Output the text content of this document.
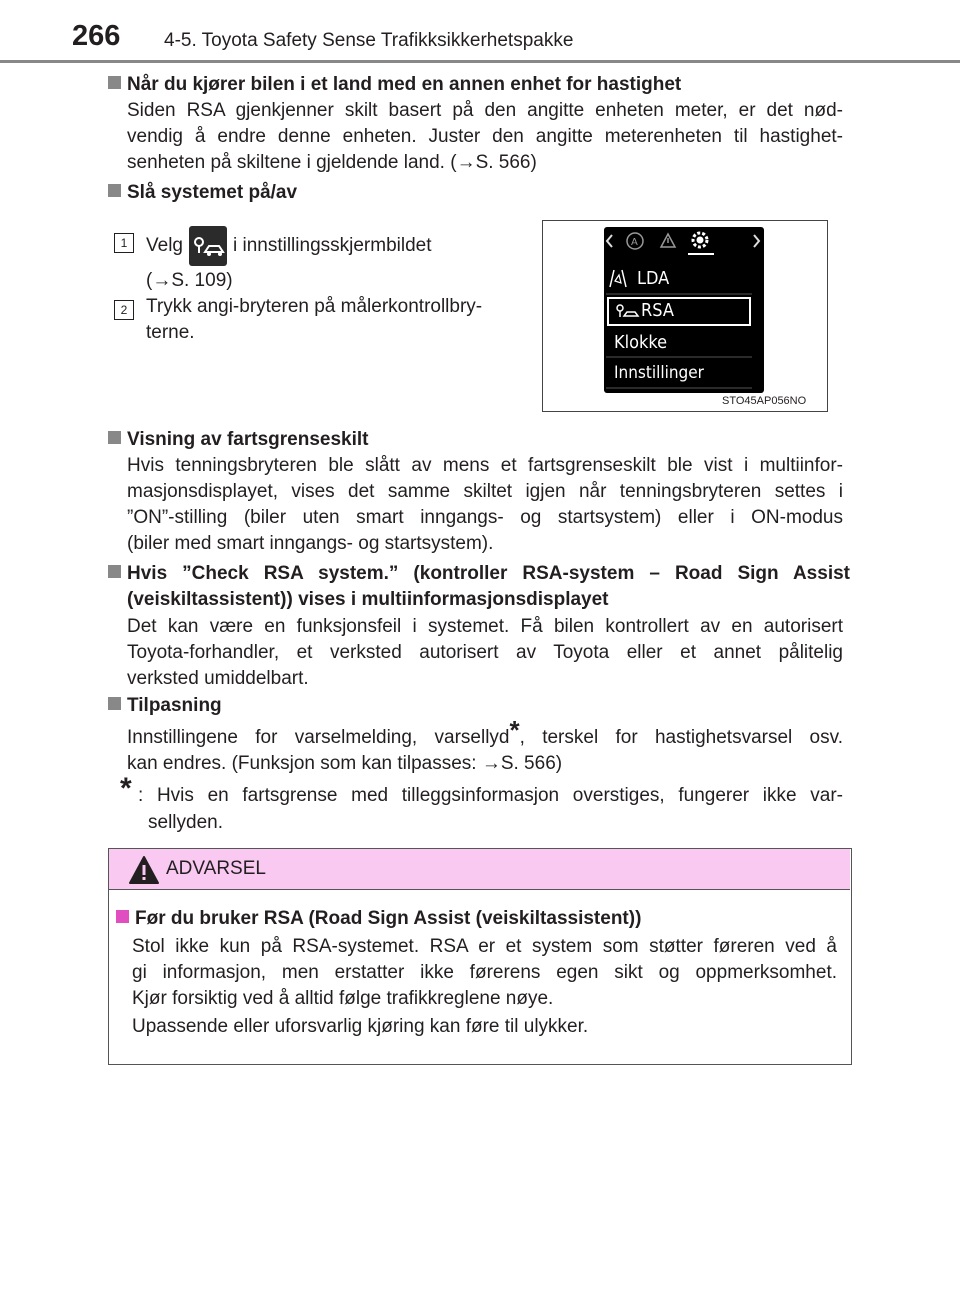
266 4-5. Toyota Safety Sense Trafikksikkerhetspakke
Når du kjører bilen i et land med en annen enhet for hastighet
Siden RSA gjenkjenner skilt basert på den angitte enheten meter, er det nød-
vendig å endre denne enheten. Juster den angitte meterenheten til hastighet-
senheten på skiltene i gjeldende land. (→S. 566)
Slå systemet på/av
1 Velg	i innstillingsskjermbildet
(→S. 109)
2 Trykk angi-bryteren på målerkontrollbry-
terne.
A
LDA
RSA
Klokke
Innstillinger
STO45AP056NO
Visning av fartsgrenseskilt
Hvis tenningsbryteren ble slått av mens et fartsgrenseskilt ble vist i multiinfor-
masjonsdisplayet, vises det samme skiltet igjen når tenningsbryteren settes i
”ON”-stilling (biler uten smart inngangs- og startsystem) eller i ON-modus
(biler med smart inngangs- og startsystem).
Hvis ”Check RSA system.” (kontroller RSA-system – Road Sign Assist
(veiskiltassistent)) vises i multiinformasjonsdisplayet
Det kan være en funksjonsfeil i systemet. Få bilen kontrollert av en autorisert
Toyota-forhandler, et verksted autorisert av Toyota eller et annet pålitelig
verksted umiddelbart.
Tilpasning
Innstillingene for varselmelding, varsellyd*, terskel for hastighetsvarsel osv.
kan endres. (Funksjon som kan tilpasses: →S. 566)
* : Hvis en fartsgrense med tilleggsinformasjon overstiges, fungerer ikke var-
sellyden.
ADVARSEL
Før du bruker RSA (Road Sign Assist (veiskiltassistent))
Stol ikke kun på RSA-systemet. RSA er et system som støtter føreren ved å
gi informasjon, men erstatter ikke førerens egen sikt og oppmerksomhet.
Kjør forsiktig ved å alltid følge trafikkreglene nøye.
Upassende eller uforsvarlig kjøring kan føre til ulykker.
